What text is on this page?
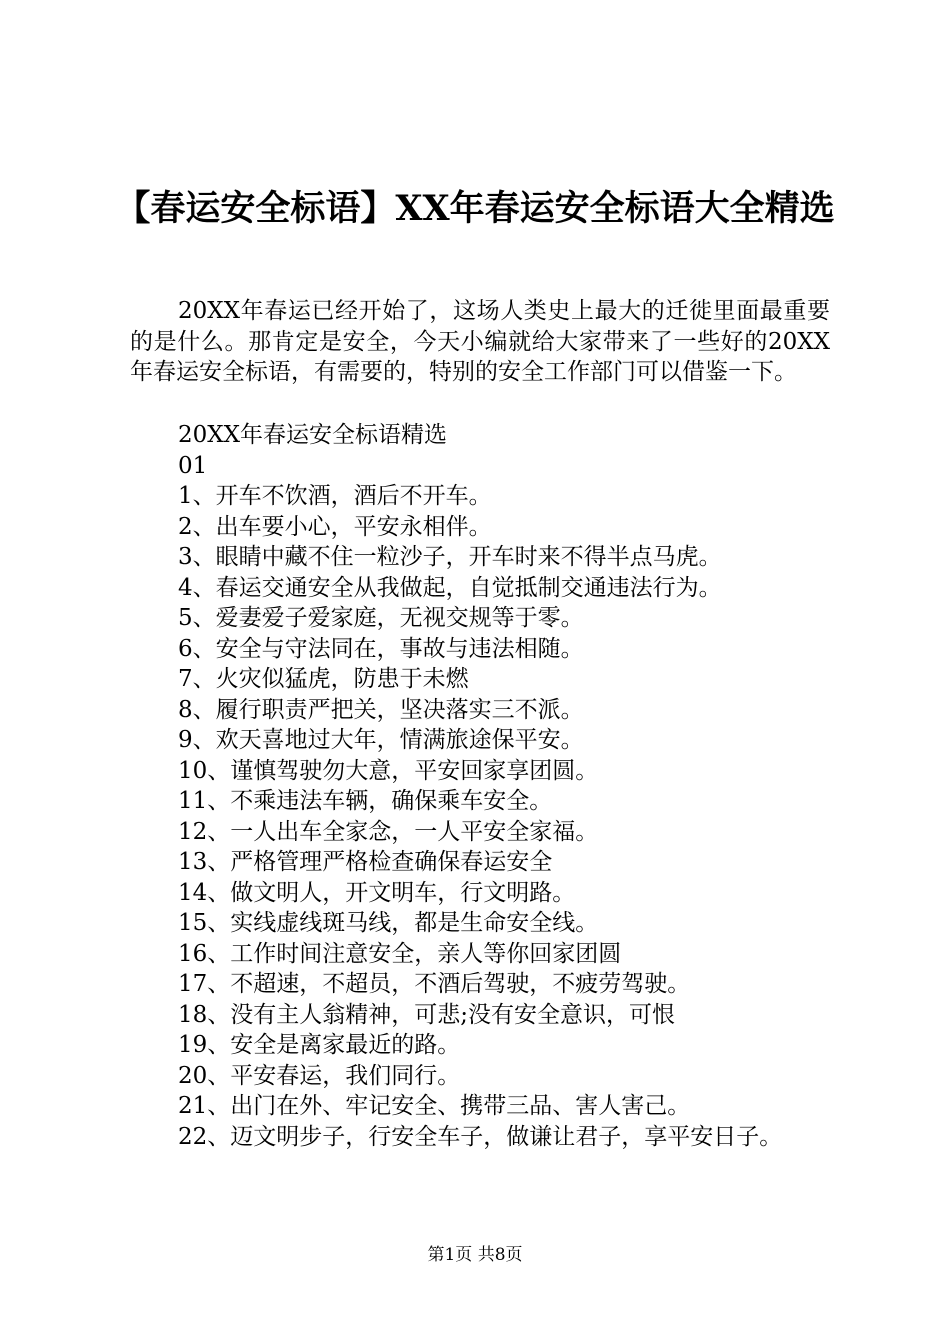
【春运安全标语】XX年春运安全标语大全精选

20XX年春运已经开始了，这场人类史上最大的迁徙里面最重要的是什么。那肯定是安全，今天小编就给大家带来了一些好的20XX年春运安全标语，有需要的，特别的安全工作部门可以借鉴一下。

20XX年春运安全标语精选
01
1、开车不饮酒，酒后不开车。
2、出车要小心，平安永相伴。
3、眼睛中藏不住一粒沙子，开车时来不得半点马虎。
4、春运交通安全从我做起，自觉抵制交通违法行为。
5、爱妻爱子爱家庭，无视交规等于零。
6、安全与守法同在，事故与违法相随。
7、火灾似猛虎，防患于未燃
8、履行职责严把关，坚决落实三不派。
9、欢天喜地过大年，情满旅途保平安。
10、谨慎驾驶勿大意，平安回家享团圆。
11、不乘违法车辆，确保乘车安全。
12、一人出车全家念，一人平安全家福。
13、严格管理严格检查确保春运安全
14、做文明人，开文明车，行文明路。
15、实线虚线斑马线，都是生命安全线。
16、工作时间注意安全，亲人等你回家团圆
17、不超速，不超员，不酒后驾驶，不疲劳驾驶。
18、没有主人翁精神，可悲;没有安全意识，可恨
19、安全是离家最近的路。
20、平安春运，我们同行。
21、出门在外、牢记安全、携带三品、害人害己。
22、迈文明步子，行安全车子，做谦让君子，享平安日子。
第1页 共8页
